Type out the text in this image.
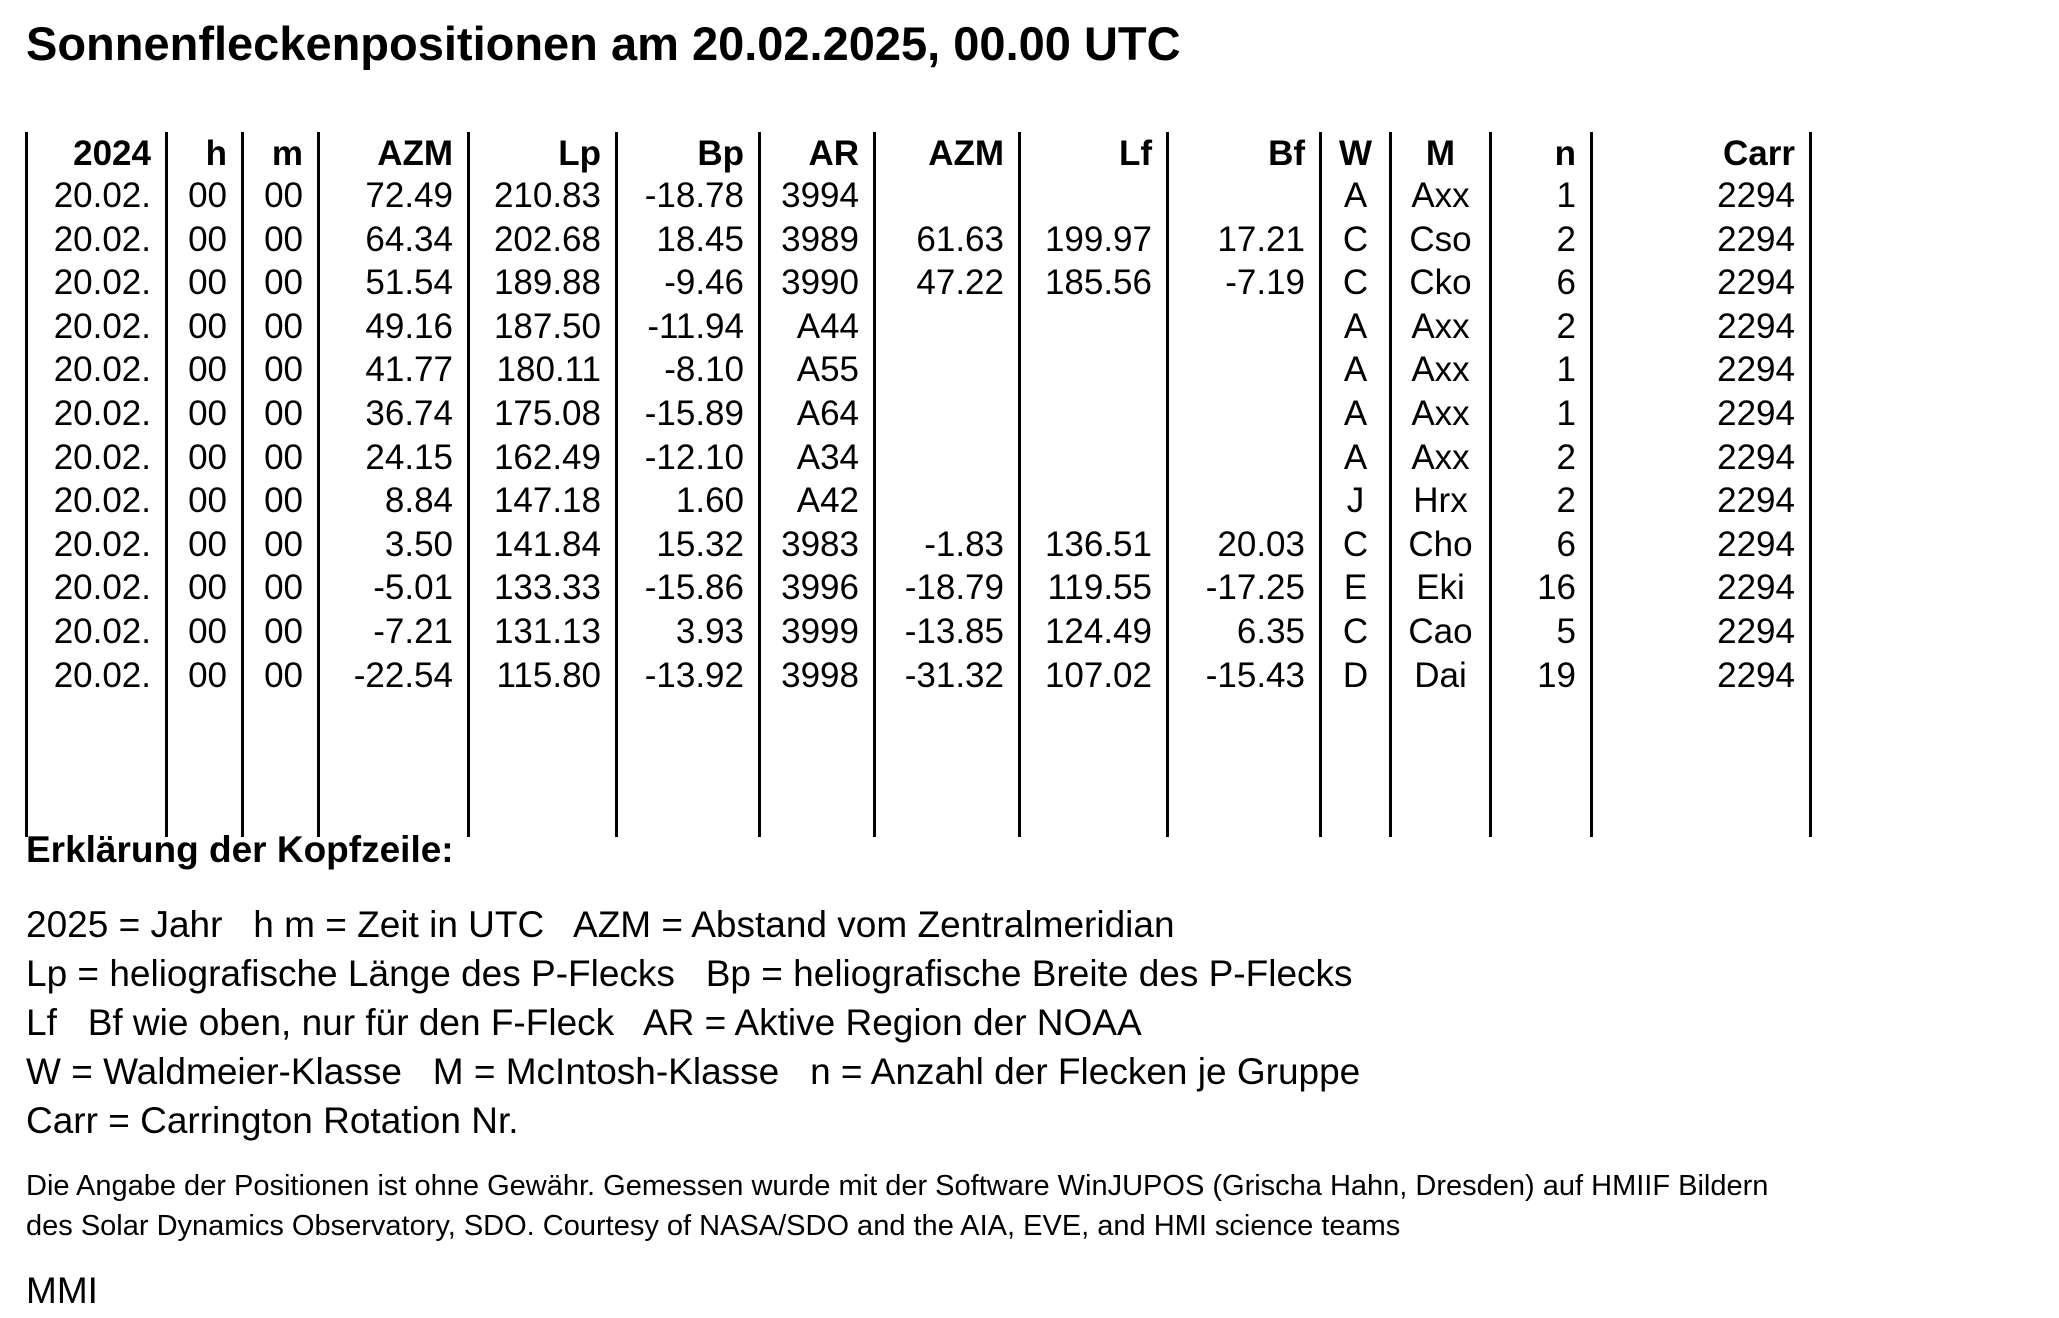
Sonnenfleckenpositionen am 20.02.2025, 00.00 UTC
2024	h	m	AZM	Lp	Bp	AR	AZM	Lf	Bf	W	M	n	Carr
20.02.	00	00	72.49	210.83	-18.78	3994				A	Axx	1	2294
20.02.	00	00	64.34	202.68	18.45	3989	61.63	199.97	17.21	C	Cso	2	2294
20.02.	00	00	51.54	189.88	-9.46	3990	47.22	185.56	-7.19	C	Cko	6	2294
20.02.	00	00	49.16	187.50	-11.94	A44				A	Axx	2	2294
20.02.	00	00	41.77	180.11	-8.10	A55				A	Axx	1	2294
20.02.	00	00	36.74	175.08	-15.89	A64				A	Axx	1	2294
20.02.	00	00	24.15	162.49	-12.10	A34				A	Axx	2	2294
20.02.	00	00	8.84	147.18	1.60	A42				J	Hrx	2	2294
20.02.	00	00	3.50	141.84	15.32	3983	-1.83	136.51	20.03	C	Cho	6	2294
20.02.	00	00	-5.01	133.33	-15.86	3996	-18.79	119.55	-17.25	E	Eki	16	2294
20.02.	00	00	-7.21	131.13	3.93	3999	-13.85	124.49	6.35	C	Cao	5	2294
20.02.	00	00	-22.54	115.80	-13.92	3998	-31.32	107.02	-15.43	D	Dai	19	2294

Erklärung der Kopfzeile:
2025 = Jahr   h m = Zeit in UTC   AZM = Abstand vom Zentralmeridian
Lp = heliografische Länge des P-Flecks   Bp = heliografische Breite des P-Flecks
Lf   Bf wie oben, nur für den F-Fleck   AR = Aktive Region der NOAA
W = Waldmeier-Klasse   M = McIntosh-Klasse   n = Anzahl der Flecken je Gruppe
Carr = Carrington Rotation Nr.
Die Angabe der Positionen ist ohne Gewähr. Gemessen wurde mit der Software WinJUPOS (Grischa Hahn, Dresden) auf HMIIF Bildern
des Solar Dynamics Observatory, SDO. Courtesy of NASA/SDO and the AIA, EVE, and HMI science teams
MMI
